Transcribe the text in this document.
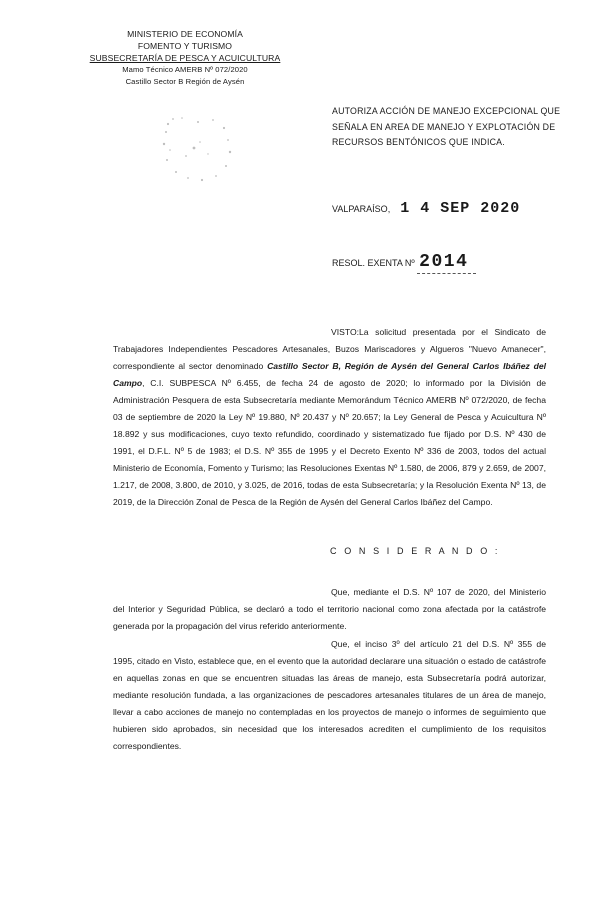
MINISTERIO DE ECONOMÍA
FOMENTO Y TURISMO
SUBSECRETARÍA DE PESCA Y ACUICULTURA
Mamo Técnico AMERB Nº 072/2020
Castillo Sector B Región de Aysén
AUTORIZA ACCIÓN DE MANEJO EXCEPCIONAL QUE SEÑALA EN AREA DE MANEJO Y EXPLOTACIÓN DE RECURSOS BENTÓNICOS QUE INDICA.
VALPARAÍSO, 1 4 SEP 2020
RESOL. EXENTA Nº 2014
VISTO:La solicitud presentada por el Sindicato de Trabajadores Independientes Pescadores Artesanales, Buzos Mariscadores y Algueros "Nuevo Amanecer", correspondiente al sector denominado Castillo Sector B, Región de Aysén del General Carlos Ibáñez del Campo, C.I. SUBPESCA Nº 6.455, de fecha 24 de agosto de 2020; lo informado por la División de Administración Pesquera de esta Subsecretaría mediante Memorándum Técnico AMERB Nº 072/2020, de fecha 03 de septiembre de 2020 la Ley Nº 19.880, Nº 20.437 y Nº 20.657; la Ley General de Pesca y Acuicultura Nº 18.892 y sus modificaciones, cuyo texto refundido, coordinado y sistematizado fue fijado por D.S. Nº 430 de 1991, el D.F.L. Nº 5 de 1983; el D.S. Nº 355 de 1995 y el Decreto Exento Nº 336 de 2003, todos del actual Ministerio de Economía, Fomento y Turismo; las Resoluciones Exentas Nº 1.580, de 2006, 879 y 2.659, de 2007, 1.217, de 2008, 3.800, de 2010, y 3.025, de 2016, todas de esta Subsecretaría; y la Resolución Exenta Nº 13, de 2019, de la Dirección Zonal de Pesca de la Región de Aysén del General Carlos Ibáñez del Campo.
C O N S I D E R A N D O :
Que, mediante el D.S. Nº 107 de 2020, del Ministerio del Interior y Seguridad Pública, se declaró a todo el territorio nacional como zona afectada por la catástrofe generada por la propagación del virus referido anteriormente.
Que, el inciso 3º del artículo 21 del D.S. Nº 355 de 1995, citado en Visto, establece que, en el evento que la autoridad declarare una situación o estado de catástrofe en aquellas zonas en que se encuentren situadas las áreas de manejo, esta Subsecretaría podrá autorizar, mediante resolución fundada, a las organizaciones de pescadores artesanales titulares de un área de manejo, llevar a cabo acciones de manejo no contempladas en los proyectos de manejo o informes de seguimiento que hubieren sido aprobados, sin necesidad que los interesados acrediten el cumplimiento de los requisitos correspondientes.
